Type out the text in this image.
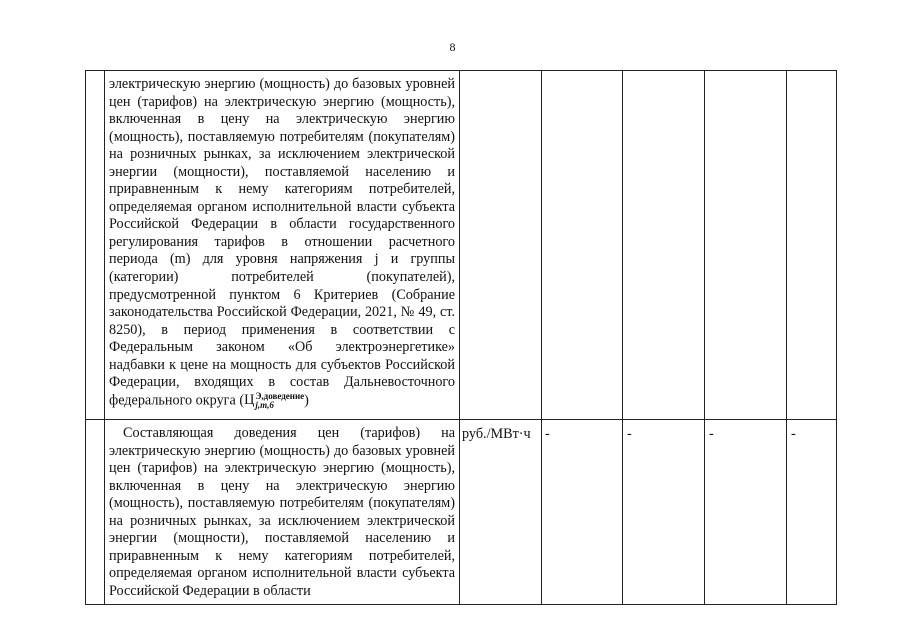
8

	электрическую энергию (мощность) до базовых уровней цен (тарифов) на электрическую энергию (мощность), включенная в цену на электрическую энергию (мощность), поставляемую потребителям (покупателям) на розничных рынках, за исключением электрической энергии (мощности), поставляемой населению и приравненным к нему категориям потребителей, определяемая органом исполнительной власти субъекта Российской Федерации в области государственного регулирования тарифов в отношении расчетного периода (m) для уровня напряжения j и группы (категории) потребителей (покупателей), предусмотренной пунктом 6 Критериев (Собрание законодательства Российской Федерации, 2021, № 49, ст. 8250), в период применения в соответствии с Федеральным законом «Об электроэнергетике» надбавки к цене на мощность для субъектов Российской Федерации, входящих в состав Дальневосточного федерального округа (Ц Э,доведение
j,m,6 )					

	Составляющая доведения цен (тарифов) на электрическую энергию (мощность) до базовых уровней цен (тарифов) на электрическую энергию (мощность), включенная в цену на электрическую энергию (мощность), поставляемую потребителям (покупателям) на розничных рынках, за исключением электрической энергии (мощности), поставляемой населению и приравненным к нему категориям потребителей, определяемая органом исполнительной власти субъекта Российской Федерации в области	руб./МВт·ч	-	-	-	-
